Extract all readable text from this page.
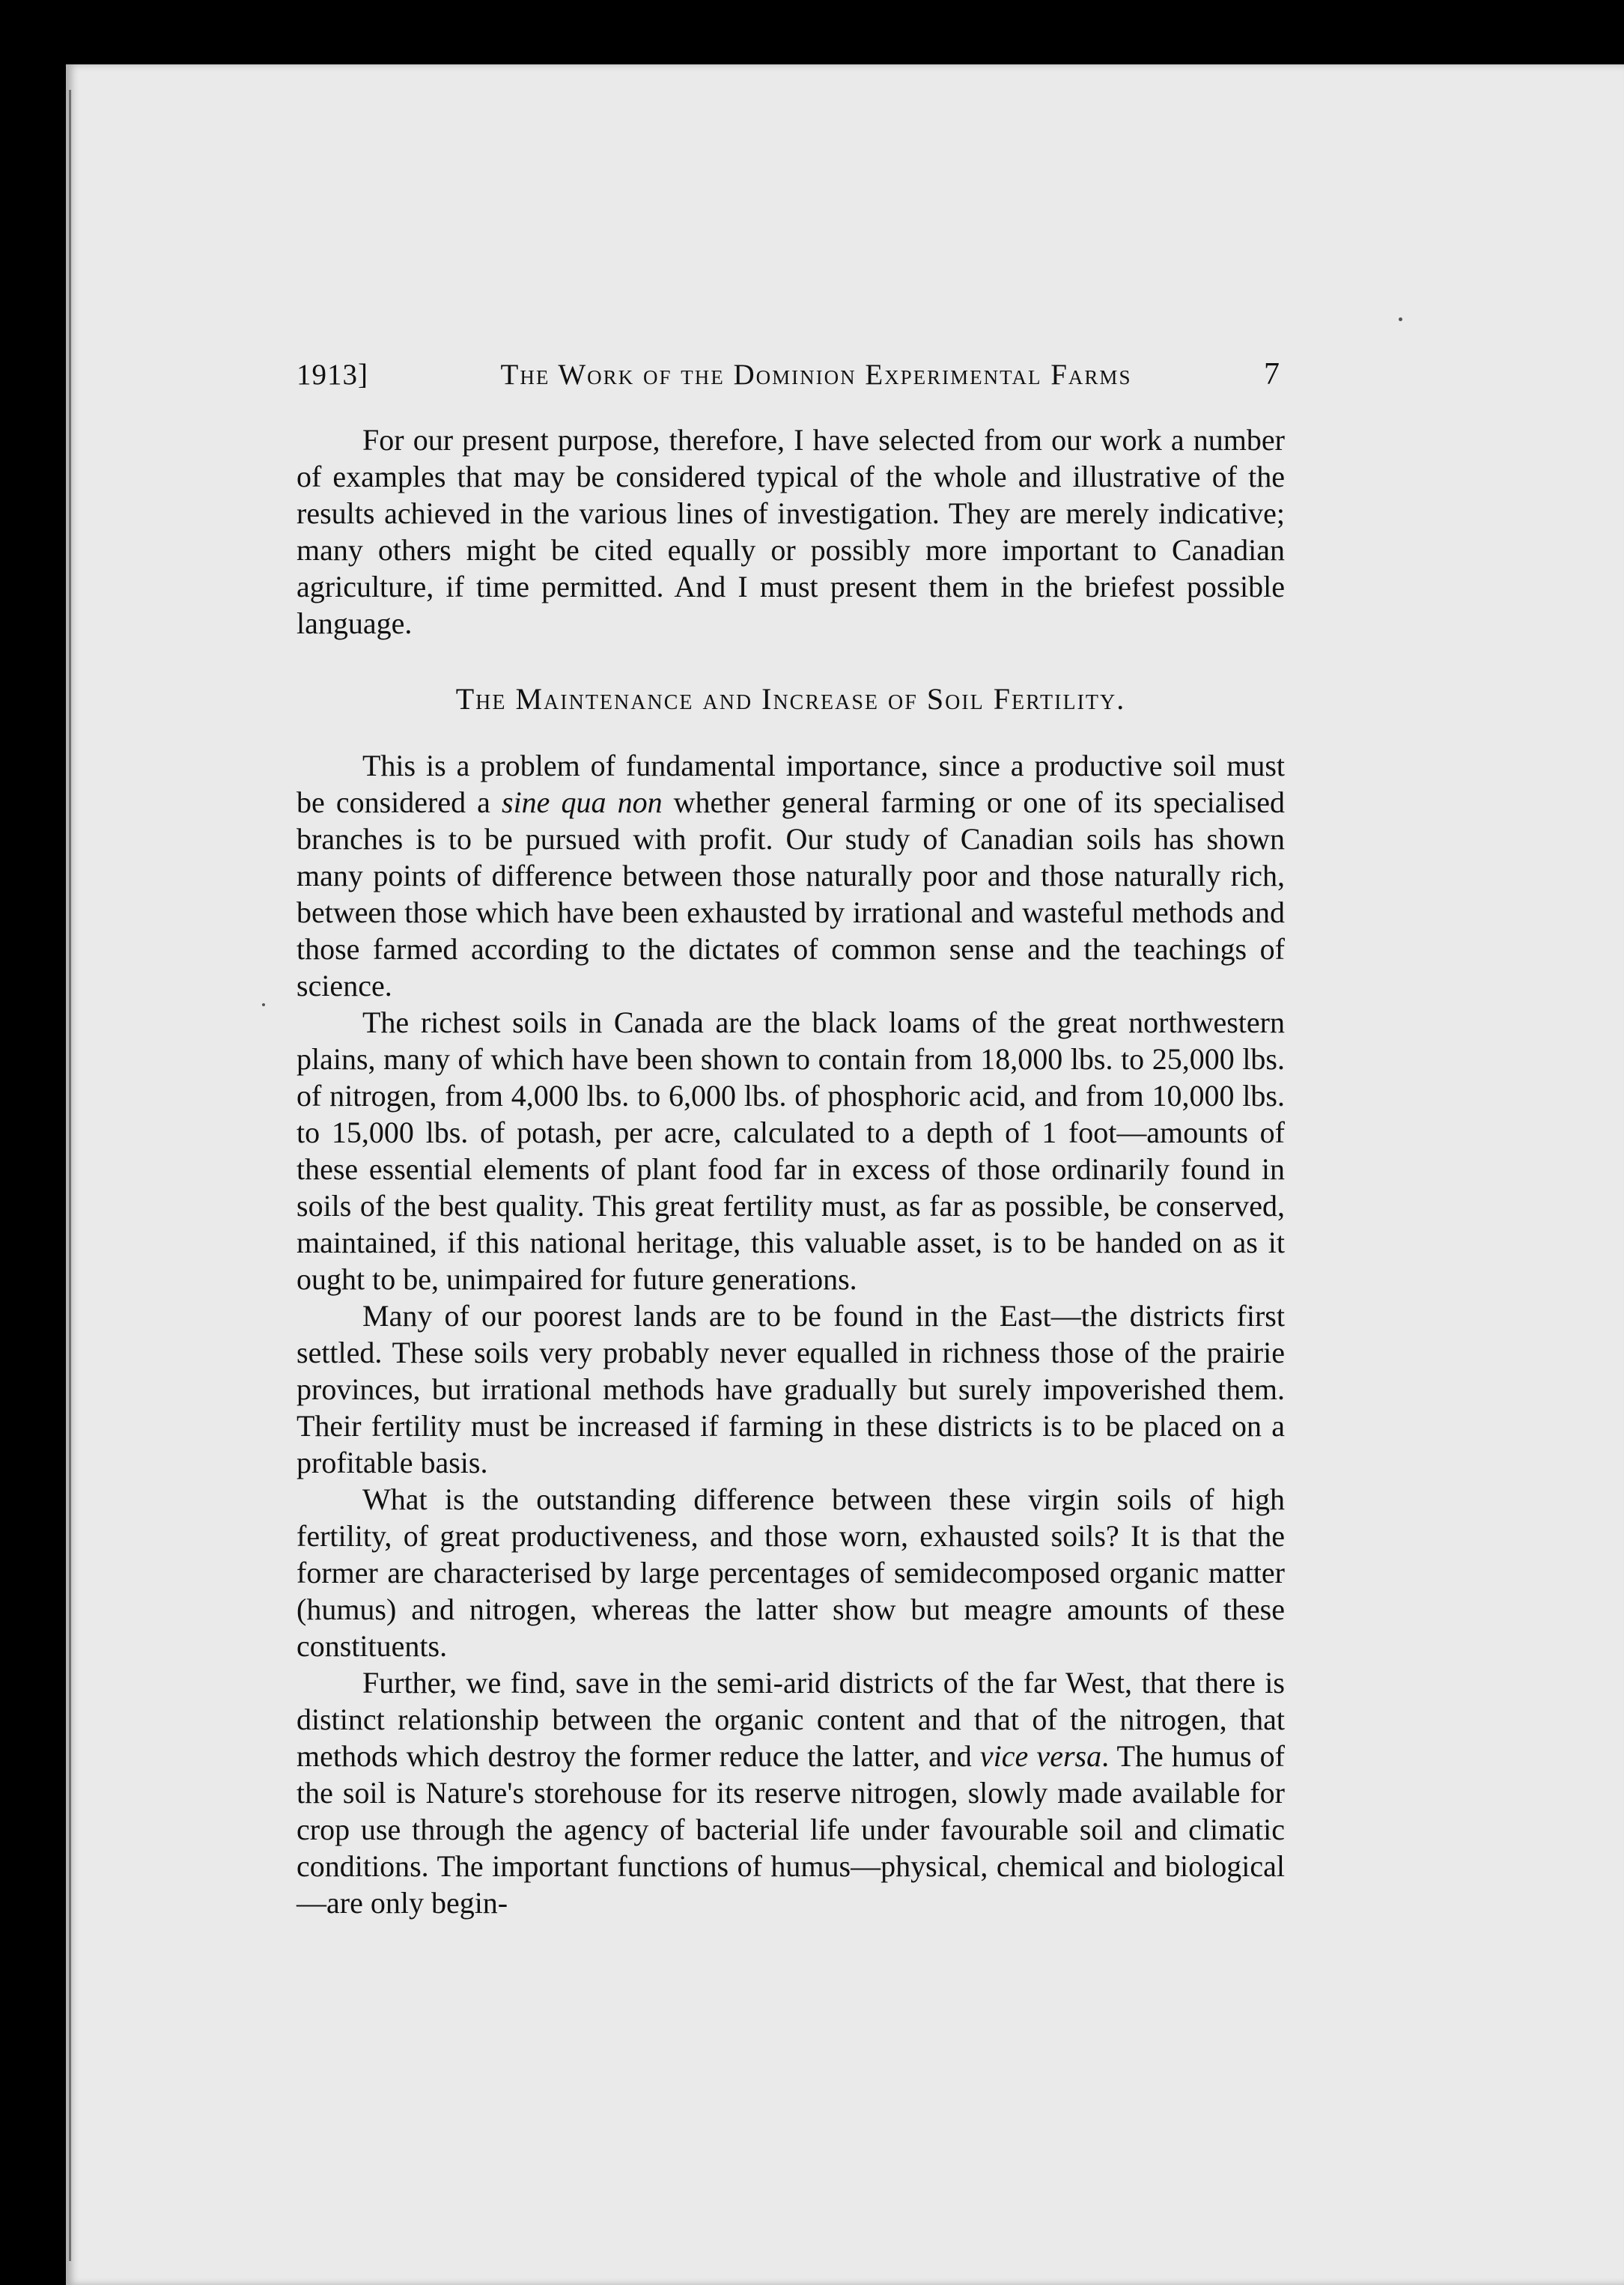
1913]	The Work of the Dominion Experimental Farms	7

For our present purpose, therefore, I have selected from our work a number of examples that may be considered typical of the whole and illustrative of the results achieved in the various lines of investigation. They are merely indicative; many others might be cited equally or possibly more important to Canadian agriculture, if time permitted. And I must present them in the briefest possible language.

The Maintenance and Increase of Soil Fertility.

This is a problem of fundamental importance, since a productive soil must be considered a sine qua non whether general farming or one of its specialised branches is to be pursued with profit. Our study of Canadian soils has shown many points of difference between those naturally poor and those naturally rich, between those which have been exhausted by irrational and wasteful methods and those farmed according to the dictates of common sense and the teachings of science.

The richest soils in Canada are the black loams of the great northwestern plains, many of which have been shown to contain from 18,000 lbs. to 25,000 lbs. of nitrogen, from 4,000 lbs. to 6,000 lbs. of phosphoric acid, and from 10,000 lbs. to 15,000 lbs. of potash, per acre, calculated to a depth of 1 foot—amounts of these essential elements of plant food far in excess of those ordinarily found in soils of the best quality. This great fertility must, as far as possible, be conserved, maintained, if this national heritage, this valuable asset, is to be handed on as it ought to be, unimpaired for future generations.

Many of our poorest lands are to be found in the East—the districts first settled. These soils very probably never equalled in richness those of the prairie provinces, but irrational methods have gradually but surely impoverished them. Their fertility must be increased if farming in these districts is to be placed on a profitable basis.

What is the outstanding difference between these virgin soils of high fertility, of great productiveness, and those worn, exhausted soils? It is that the former are characterised by large percentages of semidecomposed organic matter (humus) and nitrogen, whereas the latter show but meagre amounts of these constituents.

Further, we find, save in the semi-arid districts of the far West, that there is distinct relationship between the organic content and that of the nitrogen, that methods which destroy the former reduce the latter, and vice versa. The humus of the soil is Nature's storehouse for its reserve nitrogen, slowly made available for crop use through the agency of bacterial life under favourable soil and climatic conditions. The important functions of humus—physical, chemical and biological—are only begin-
